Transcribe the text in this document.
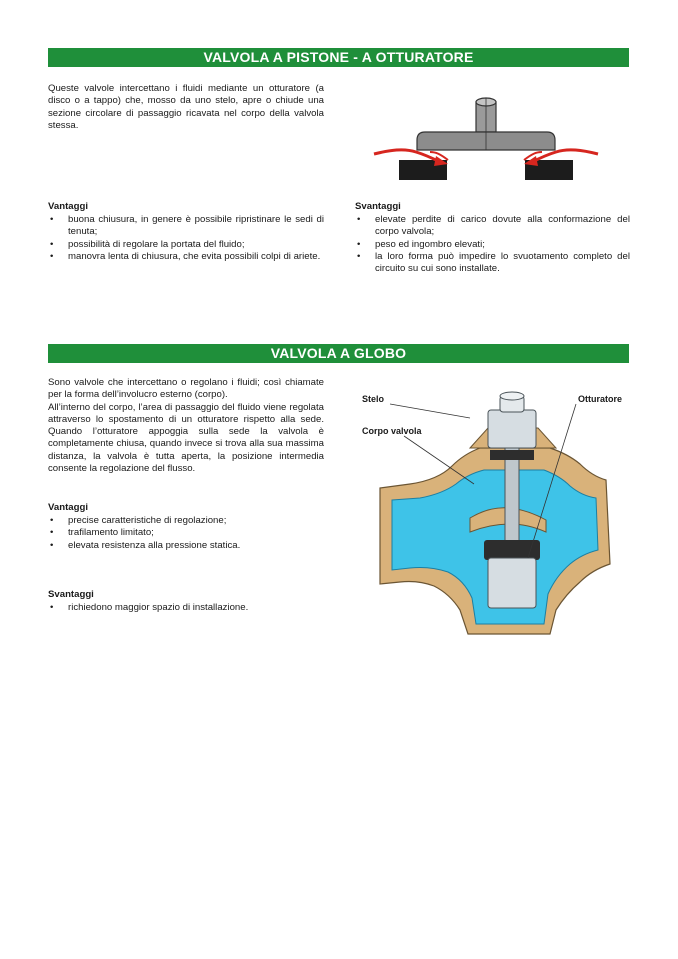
VALVOLA A PISTONE - A OTTURATORE

Queste valvole intercettano i fluidi mediante un otturatore (a disco o a tappo) che, mosso da uno stelo, apre o chiude una sezione circolare di passaggio ricavata nel corpo della valvola stessa.

Vantaggi
• buona chiusura, in genere è possibile ripristinare le sedi di tenuta;
• possibilità di regolare la portata del fluido;
• manovra lenta di chiusura, che evita possibili colpi di ariete.
Svantaggi
• elevate perdite di carico dovute alla conformazione del corpo valvola;
• peso ed ingombro elevati;
• la loro forma può impedire lo svuotamento completo del circuito su cui sono installate.
VALVOLA A GLOBO

Sono valvole che intercettano o regolano i fluidi; così chiamate per la forma dell’involucro esterno (corpo).

All’interno del corpo, l’area di passaggio del fluido viene regolata attraverso lo spostamento di un otturatore rispetto alla sede. Quando l’otturatore appoggia sulla sede la valvola è completamente chiusa, quando invece si trova alla sua massima distanza, la valvola è tutta aperta, la posizione intermedia consente la regolazione del flusso.

Vantaggi
• precise caratteristiche di regolazione;
• trafilamento limitato;
• elevata resistenza alla pressione statica.
Svantaggi
• richiedono maggior spazio di installazione.
Stelo	Otturatore
Corpo valvola
